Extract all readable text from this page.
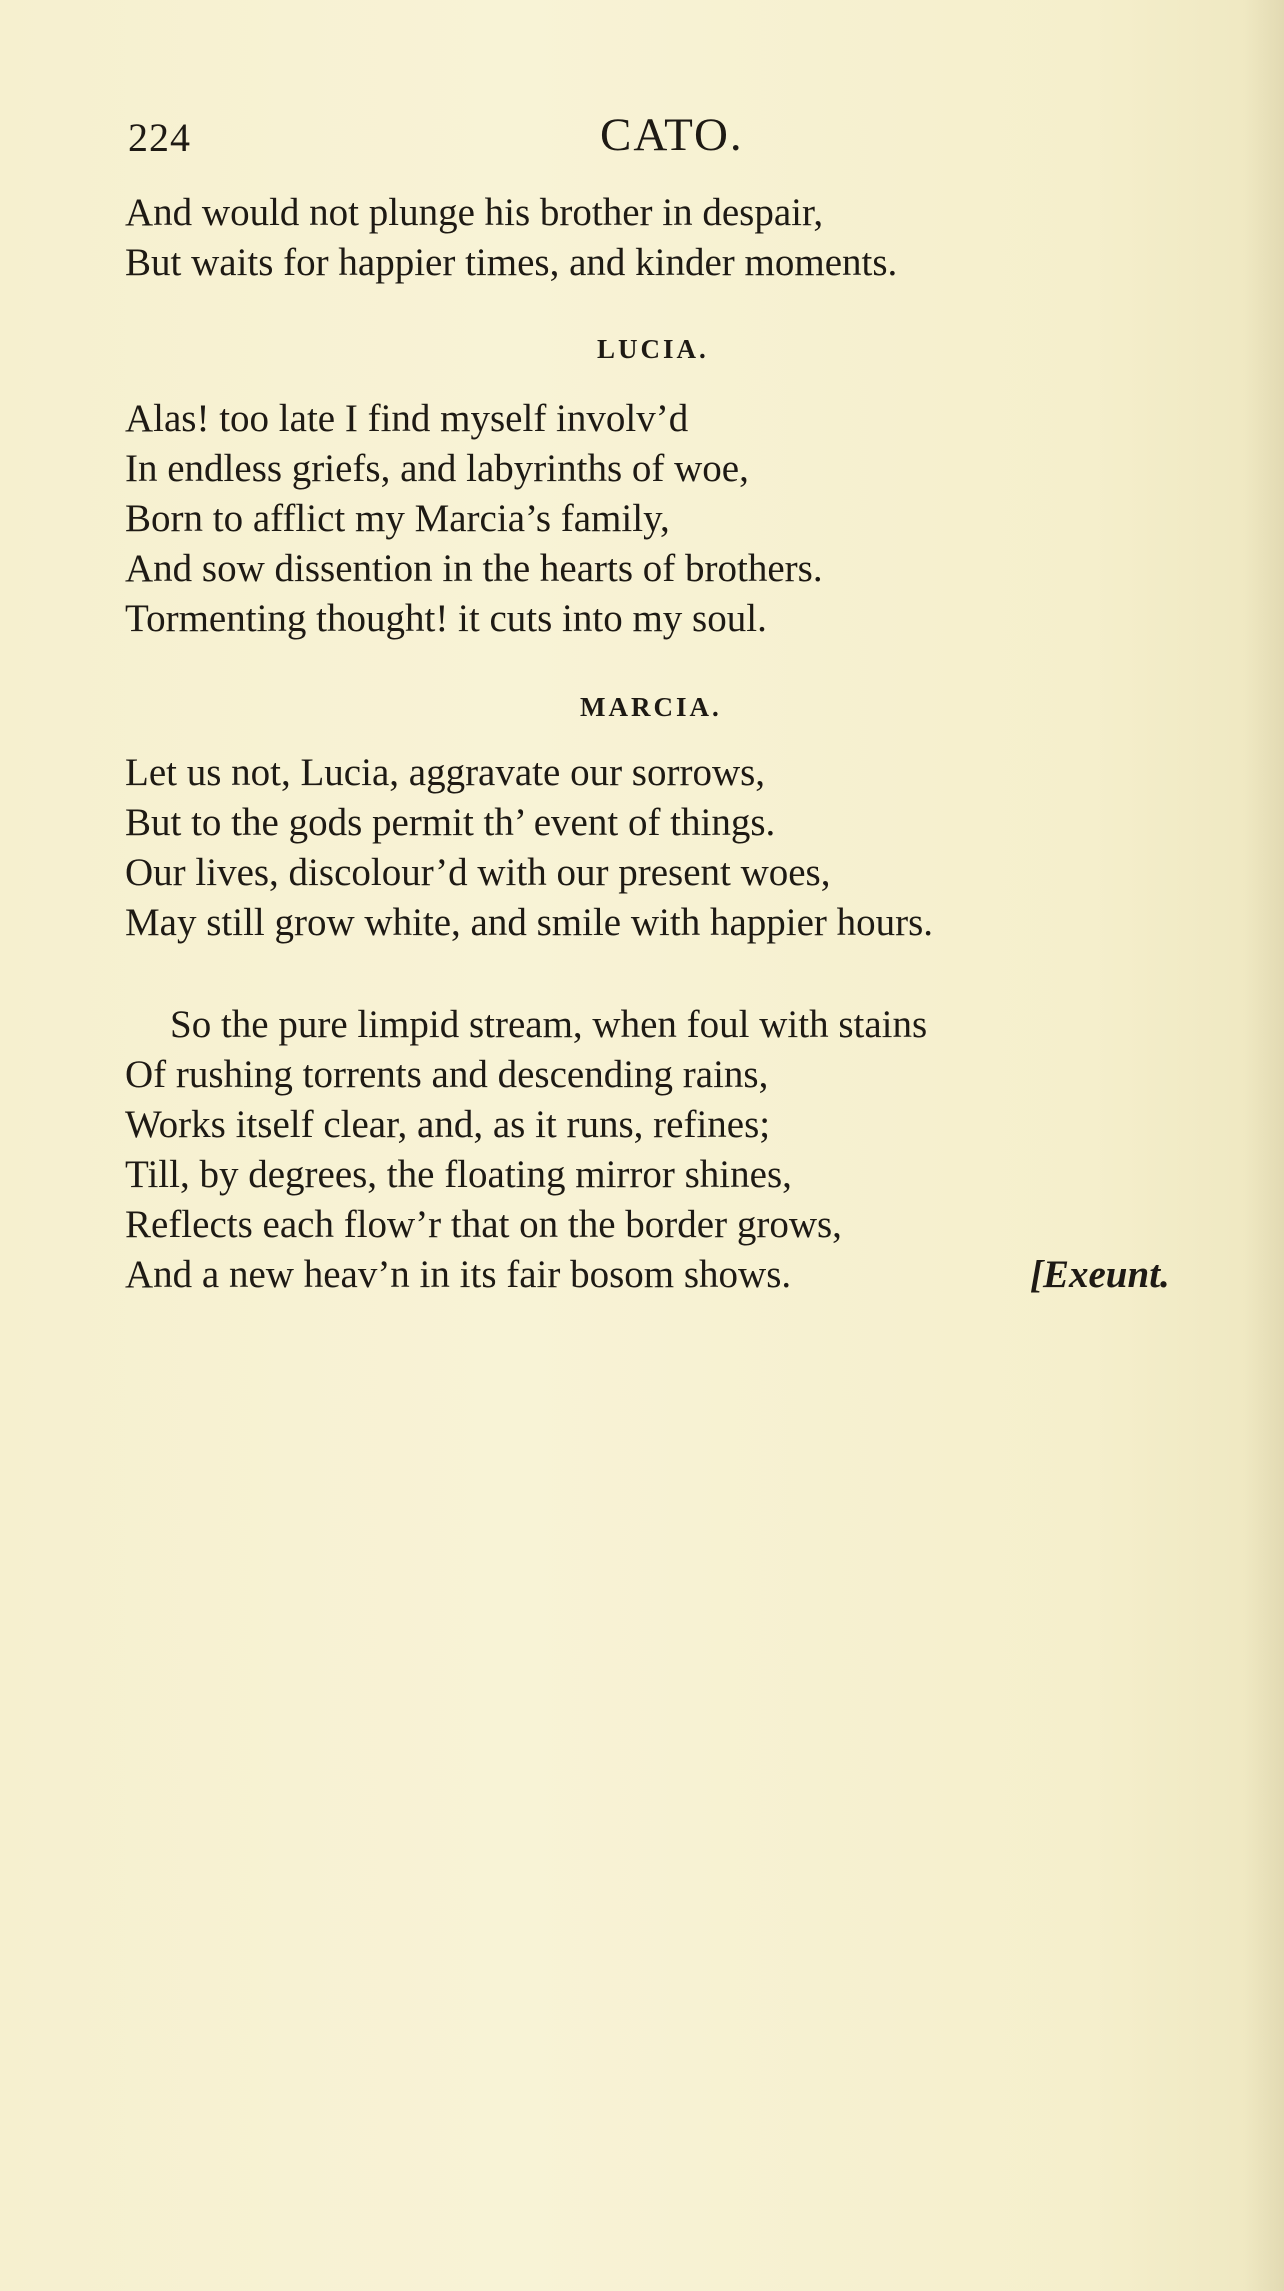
224	CATO.
And would not plunge his brother in despair,
But waits for happier times, and kinder moments.
LUCIA.
Alas! too late I find myself involv’d
In endless griefs, and labyrinths of woe,
Born to afflict my Marcia’s family,
And sow dissention in the hearts of brothers.
Tormenting thought! it cuts into my soul.
MARCIA.
Let us not, Lucia, aggravate our sorrows,
But to the gods permit th’ event of things.
Our lives, discolour’d with our present woes,
May still grow white, and smile with happier hours.
So the pure limpid stream, when foul with stains
Of rushing torrents and descending rains,
Works itself clear, and, as it runs, refines;
Till, by degrees, the floating mirror shines,
Reflects each flow’r that on the border grows,
And a new heav’n in its fair bosom shows.	[Exeunt.
